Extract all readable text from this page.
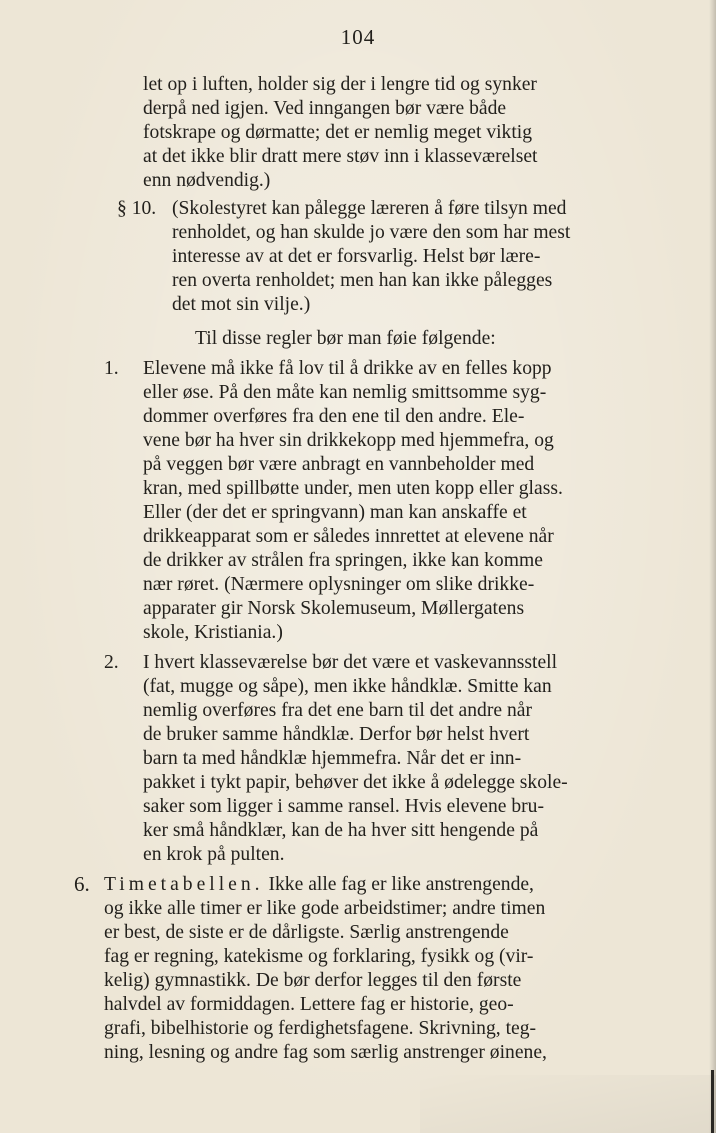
104
let op i luften, holder sig der i lengre tid og synker
derpå ned igjen. Ved inngangen bør være både
fotskrape og dørmatte; det er nemlig meget viktig
at det ikke blir dratt mere støv inn i klasseværelset
enn nødvendig.)
§ 10. (Skolestyret kan pålegge læreren å føre tilsyn med
renholdet, og han skulde jo være den som har mest
interesse av at det er forsvarlig. Helst bør lære-
ren overta renholdet; men han kan ikke pålegges
det mot sin vilje.)
Til disse regler bør man føie følgende:
1. Elevene må ikke få lov til å drikke av en felles kopp
eller øse. På den måte kan nemlig smittsomme syg-
dommer overføres fra den ene til den andre. Ele-
vene bør ha hver sin drikkekopp med hjemmefra, og
på veggen bør være anbragt en vannbeholder med
kran, med spillbøtte under, men uten kopp eller glass.
Eller (der det er springvann) man kan anskaffe et
drikkeapparat som er således innrettet at elevene når
de drikker av strålen fra springen, ikke kan komme
nær røret. (Nærmere oplysninger om slike drikke-
apparater gir Norsk Skolemuseum, Møllergatens
skole, Kristiania.)
2. I hvert klasseværelse bør det være et vaskevannsstell
(fat, mugge og såpe), men ikke håndklæ. Smitte kan
nemlig overføres fra det ene barn til det andre når
de bruker samme håndklæ. Derfor bør helst hvert
barn ta med håndklæ hjemmefra. Når det er inn-
pakket i tykt papir, behøver det ikke å ødelegge skole-
saker som ligger i samme ransel. Hvis elevene bru-
ker små håndklær, kan de ha hver sitt hengende på
en krok på pulten.
6. Timetabellen. Ikke alle fag er like anstrengende,
og ikke alle timer er like gode arbeidstimer; andre timen
er best, de siste er de dårligste. Særlig anstrengende
fag er regning, katekisme og forklaring, fysikk og (vir-
kelig) gymnastikk. De bør derfor legges til den første
halvdel av formiddagen. Lettere fag er historie, geo-
grafi, bibelhistorie og ferdighetsfagene. Skrivning, teg-
ning, lesning og andre fag som særlig anstrenger øinene,
